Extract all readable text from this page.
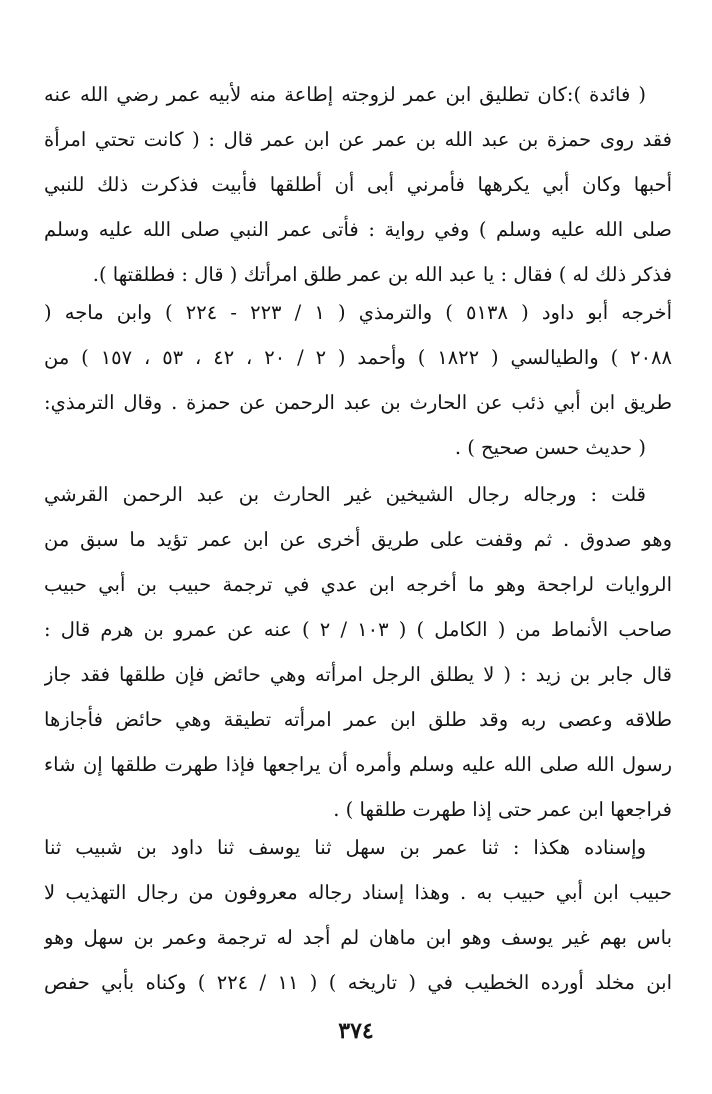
( فائدة ):كان تطليق ابن عمر لزوجته إطاعة منه لأبيه عمر رضي الله عنه
فقد روى حمزة بن عبد الله بن عمر عن ابن عمر قال : ( كانت تحتي امرأة
أحبها وكان أبي يكرهها فأمرني أبى أن أطلقها فأبيت فذكرت ذلك للنبي
صلى الله عليه وسلم ) وفي رواية : فأتى عمر النبي صلى الله عليه وسلم
فذكر ذلك له ) فقال : يا عبد الله بن عمر طلق امرأتك ( قال : فطلقتها ).
أخرجه أبو داود ( ٥١٣٨ ) والترمذي ( ١ / ٢٢٣ - ٢٢٤ ) وابن ماجه (
٢٠٨٨ ) والطيالسي ( ١٨٢٢ ) وأحمد ( ٢ / ٢٠ ، ٤٢ ، ٥٣ ، ١٥٧ ) من
طريق ابن أبي ذئب عن الحارث بن عبد الرحمن عن حمزة . وقال الترمذي:
( حديث حسن صحيح ) .
قلت : ورجاله رجال الشيخين غير الحارث بن عبد الرحمن القرشي
وهو صدوق . ثم وقفت على طريق أخرى عن ابن عمر تؤيد ما سبق من
الروايات لراجحة وهو ما أخرجه ابن عدي في ترجمة حبيب بن أبي حبيب
صاحب الأنماط من ( الكامل ) ( ١٠٣ / ٢ ) عنه عن عمرو بن هرم قال :
قال جابر بن زيد : ( لا يطلق الرجل امرأته وهي حائض فإن طلقها فقد جاز
طلاقه وعصى ربه وقد طلق ابن عمر امرأته تطيقة وهي حائض فأجازها
رسول الله صلى الله عليه وسلم وأمره أن يراجعها فإذا طهرت طلقها إن شاء
فراجعها ابن عمر حتى إذا طهرت طلقها ) .
وإسناده هكذا : ثنا عمر بن سهل ثنا يوسف ثنا داود بن شبيب ثنا
حبيب ابن أبي حبيب به . وهذا إسناد رجاله معروفون من رجال التهذيب لا
باس بهم غير يوسف وهو ابن ماهان لم أجد له ترجمة وعمر بن سهل وهو
ابن مخلد أورده الخطيب في ( تاريخه ) ( ١١ / ٢٢٤ ) وكناه بأبي حفص
٣٧٤
